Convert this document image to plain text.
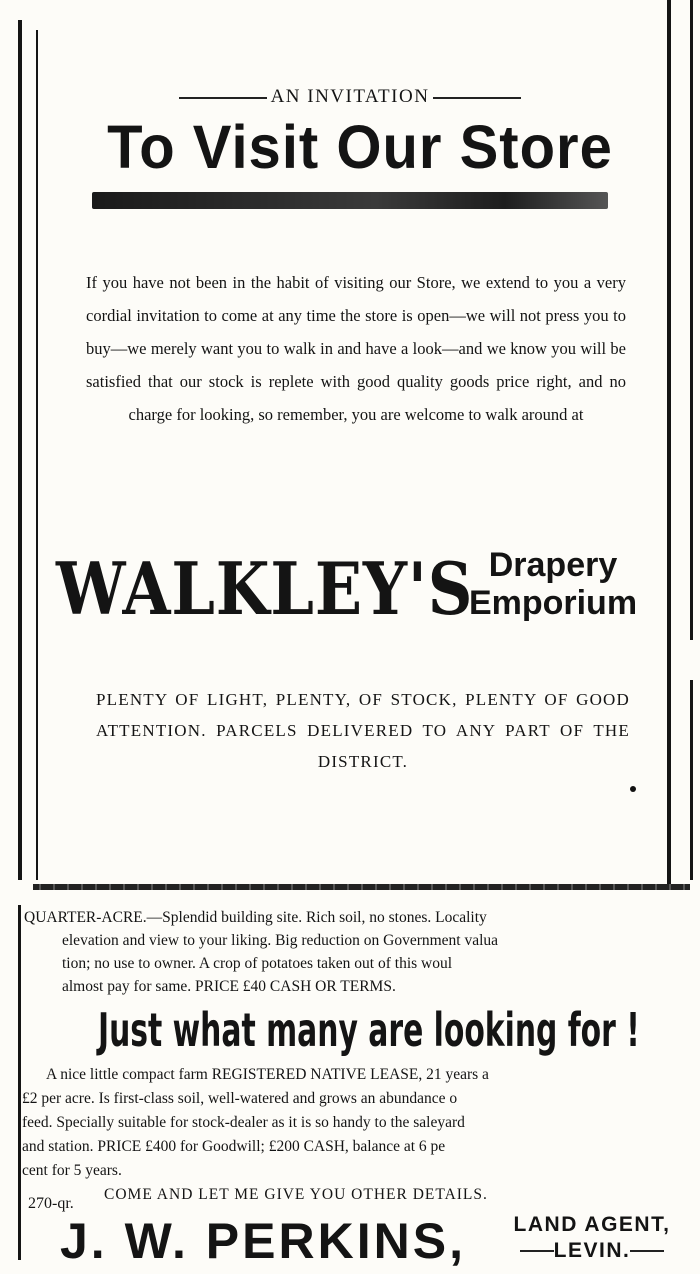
AN INVITATION
To Visit Our Store
If you have not been in the habit of visiting our Store, we extend to you a very cordial invitation to come at any time the store is open—we will not press you to buy—we merely want you to walk in and have a look—and we know you will be satisfied that our stock is replete with good quality goods price right, and no charge for looking, so remember, you are welcome to walk around at
WALKLEY'S Drapery
Emporium
PLENTY OF LIGHT, PLENTY, OF STOCK, PLENTY OF GOOD ATTENTION. PARCELS DELIVERED TO ANY PART OF THE DISTRICT.

QUARTER-ACRE.—Splendid building site. Rich soil, no stones. Locality

elevation and view to your liking. Big reduction on Government valua

tion; no use to owner. A crop of potatoes taken out of this woul

almost pay for same. PRICE £40 CASH OR TERMS.

Just what many are looking for !

A nice little compact farm REGISTERED NATIVE LEASE, 21 years a

£2 per acre. Is first-class soil, well-watered and grows an abundance o

feed. Specially suitable for stock-dealer as it is so handy to the saleyard

and station. PRICE £400 for Goodwill; £200 CASH, balance at 6 pe

cent for 5 years.

COME AND LET ME GIVE YOU OTHER DETAILS.

270-qr.
J. W. PERKINS,	LAND AGENT,
LEVIN.
